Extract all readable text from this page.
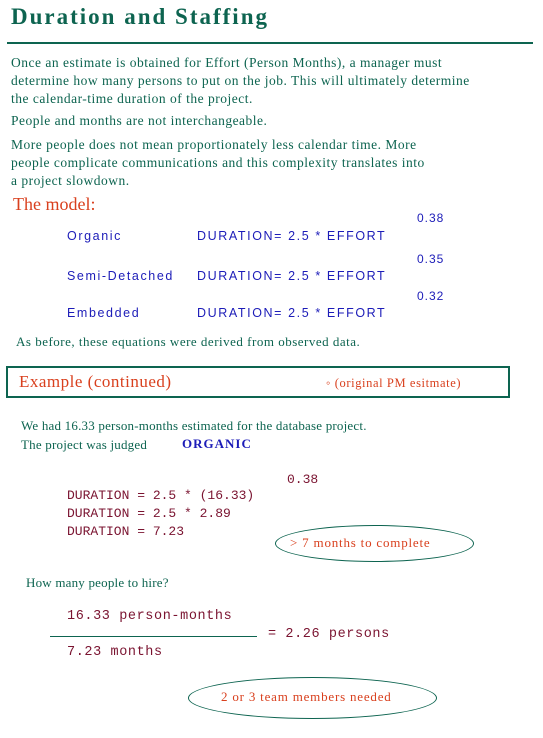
Duration and Staffing
Once an estimate is obtained for Effort (Person Months), a manager must
determine how many persons to put on the job. This will ultimately determine
the calendar-time duration of the project.
People and months are not interchangeable.
More people does not mean proportionately less calendar time. More
people complicate communications and this complexity translates into
a project slowdown.
The model:
0.38
Organic	DURATION= 2.5 * EFFORT
0.35
Semi-Detached DURATION= 2.5 * EFFORT
0.32
Embedded	DURATION= 2.5 * EFFORT
As before, these equations were derived from observed data.
Example (continued)	◦ (original PM esitmate)
We had 16.33 person-months estimated for the database project.
The project was judged	ORGANIC
0.38
DURATION = 2.5 * (16.33)
DURATION = 2.5 * 2.89
DURATION = 7.23
> 7 months to complete
How many people to hire?
16.33 person-months
= 2.26 persons
7.23 months
2 or 3 team members needed
